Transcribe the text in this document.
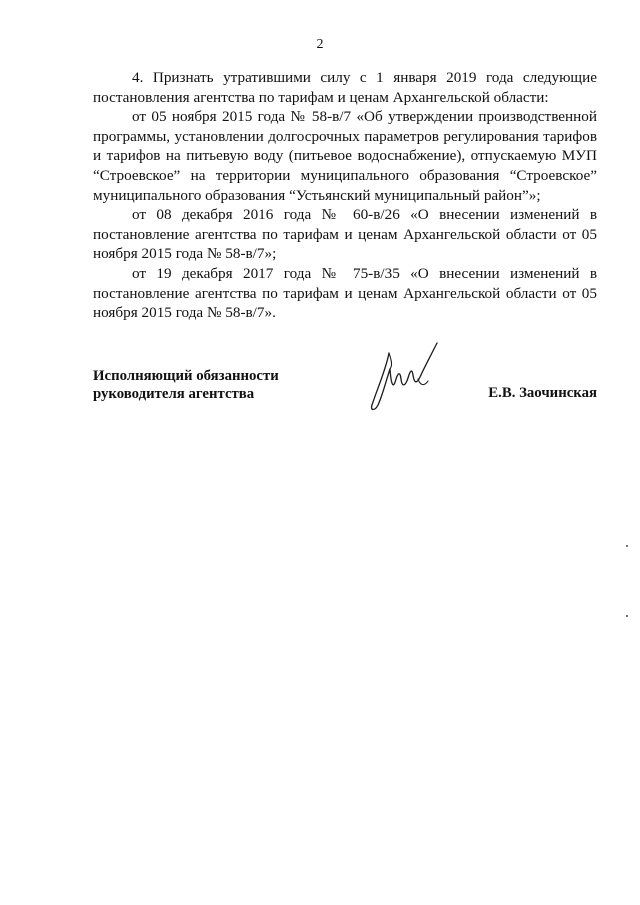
2

4. Признать утратившими силу с 1 января 2019 года следующие постановления агентства по тарифам и ценам Архангельской области:

от 05 ноября 2015 года № 58-в/7 «Об утверждении производственной программы, установлении долгосрочных параметров регулирования тарифов и тарифов на питьевую воду (питьевое водоснабжение), отпускаемую МУП “Строевское” на территории муниципального образования “Строевское” муниципального образования “Устьянский муниципальный район”»;

от 08 декабря 2016 года № 60-в/26 «О внесении изменений в постановление агентства по тарифам и ценам Архангельской области от 05 ноября 2015 года № 58-в/7»;

от 19 декабря 2017 года № 75-в/35 «О внесении изменений в постановление агентства по тарифам и ценам Архангельской области от 05 ноября 2015 года № 58-в/7».

Исполняющий обязанности
руководителя агентства	Е.В. Заочинская
